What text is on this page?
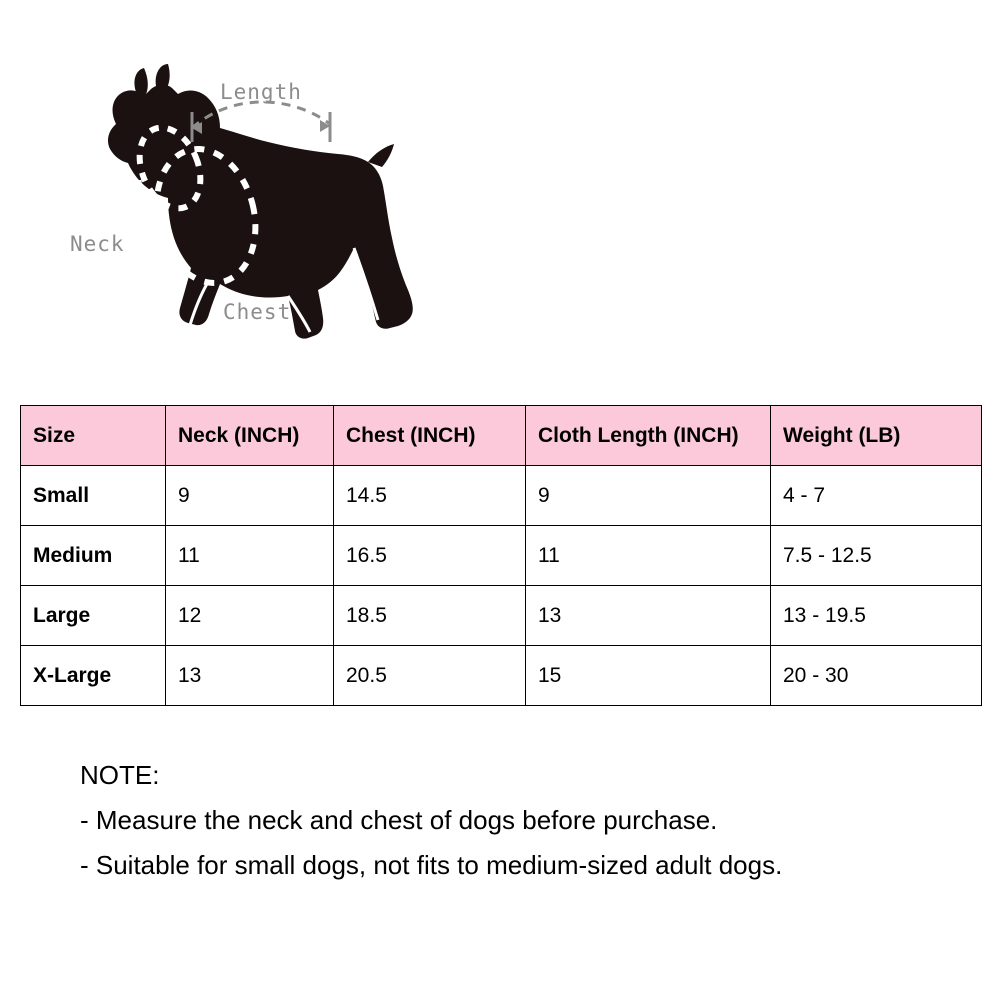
Length
Neck
Chest
Size	Neck (INCH)	Chest (INCH)	Cloth Length (INCH)	Weight (LB)
Small	9	14.5	9	4 - 7
Medium	11	16.5	11	7.5 - 12.5
Large	12	18.5	13	13 - 19.5
X-Large	13	20.5	15	20 - 30
NOTE:
- Measure the neck and chest of dogs before purchase.
- Suitable for small dogs, not fits to medium-sized adult dogs.
